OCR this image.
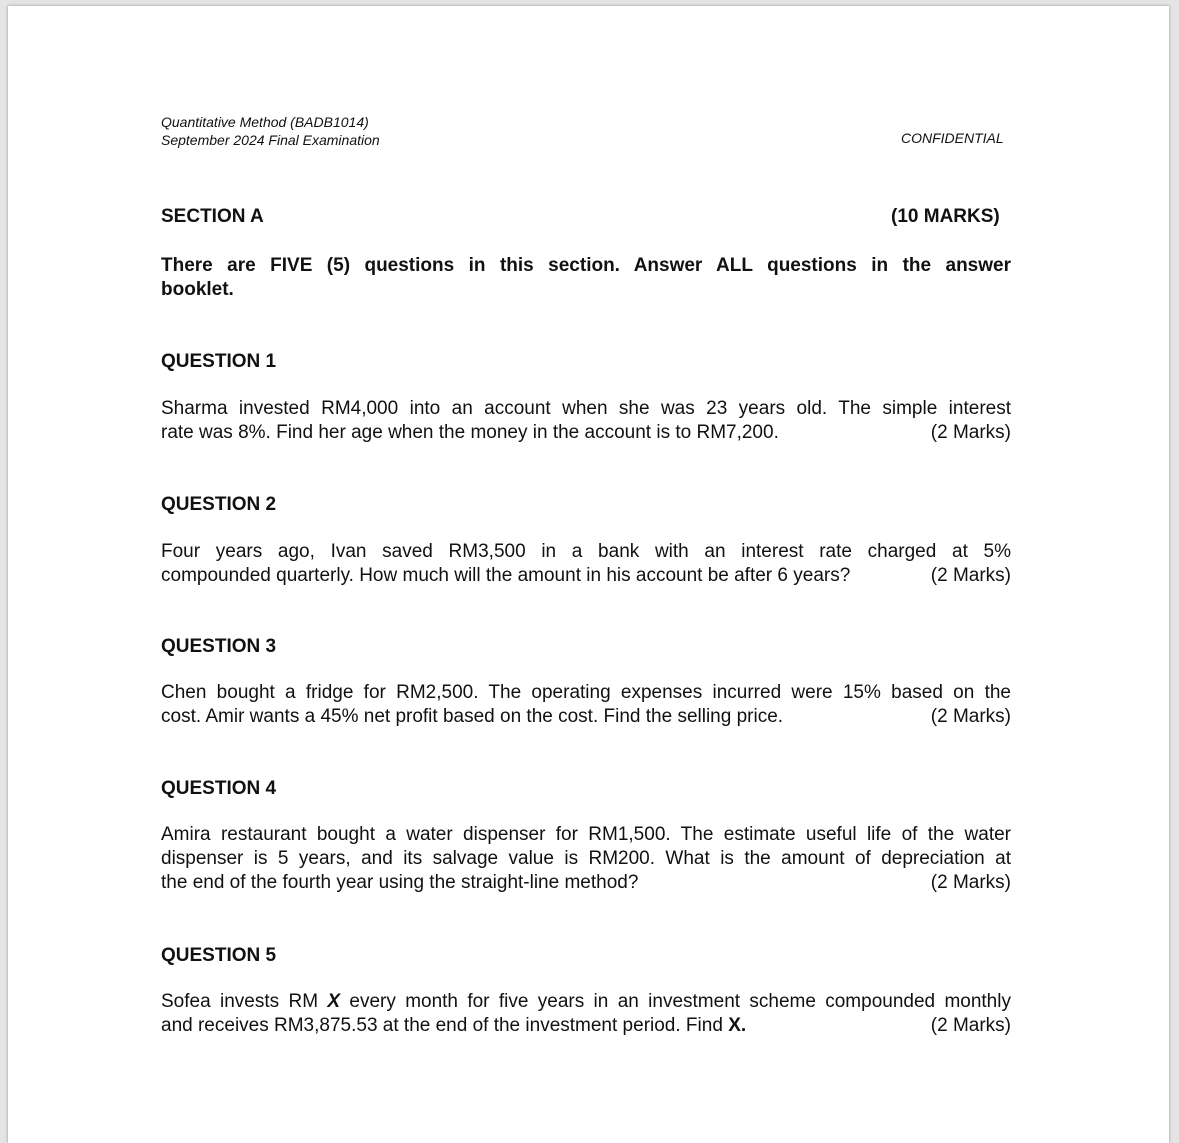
Quantitative Method (BADB1014)
September 2024 Final Examination	CONFIDENTIAL
SECTION A	(10 MARKS)
There are FIVE (5) questions in this section. Answer ALL questions in the answer
booklet.
QUESTION 1
Sharma invested RM4,000 into an account when she was 23 years old. The simple interest
rate was 8%. Find her age when the money in the account is to RM7,200.	(2 Marks)
QUESTION 2
Four years ago, Ivan saved RM3,500 in a bank with an interest rate charged at 5%
compounded quarterly. How much will the amount in his account be after 6 years?	(2 Marks)
QUESTION 3
Chen bought a fridge for RM2,500. The operating expenses incurred were 15% based on the
cost. Amir wants a 45% net profit based on the cost. Find the selling price.	(2 Marks)
QUESTION 4
Amira restaurant bought a water dispenser for RM1,500. The estimate useful life of the water
dispenser is 5 years, and its salvage value is RM200. What is the amount of depreciation at
the end of the fourth year using the straight-line method?	(2 Marks)
QUESTION 5
Sofea invests RM X every month for five years in an investment scheme compounded monthly
and receives RM3,875.53 at the end of the investment period. Find X.	(2 Marks)
